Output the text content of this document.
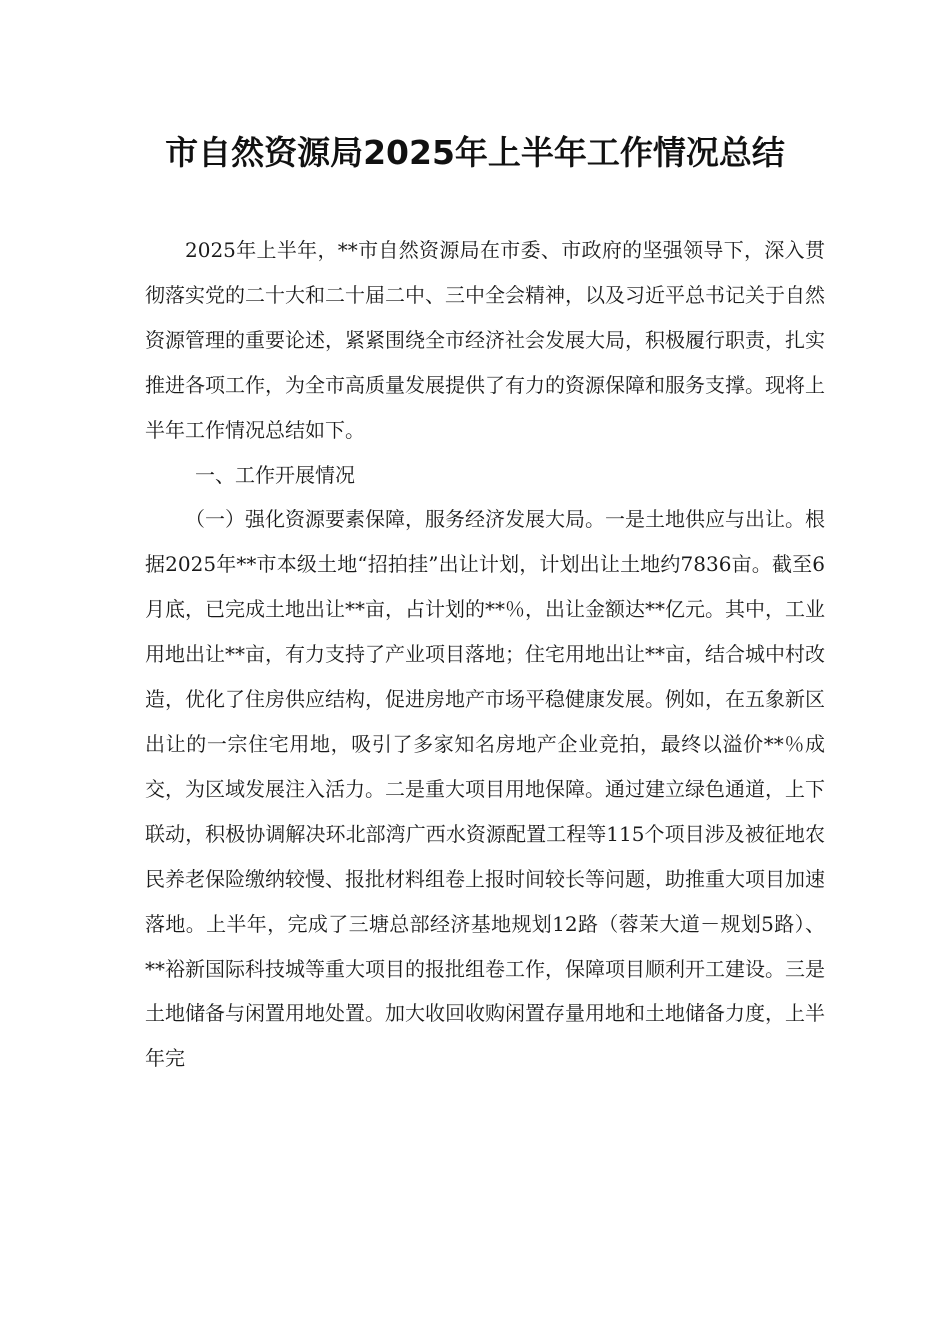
市自然资源局2025年上半年工作情况总结

2025年上半年，**市自然资源局在市委、市政府的坚强领导下，深入贯彻落实党的二十大和二十届二中、三中全会精神，以及习近平总书记关于自然资源管理的重要论述，紧紧围绕全市经济社会发展大局，积极履行职责，扎实推进各项工作，为全市高质量发展提供了有力的资源保障和服务支撑。现将上半年工作情况总结如下。

一、工作开展情况

（一）强化资源要素保障，服务经济发展大局。一是土地供应与出让。根据2025年**市本级土地“招拍挂”出让计划，计划出让土地约7836亩。截至6月底，已完成土地出让**亩，占计划的**％，出让金额达**亿元。其中，工业用地出让**亩，有力支持了产业项目落地；住宅用地出让**亩，结合城中村改造，优化了住房供应结构，促进房地产市场平稳健康发展。例如，在五象新区出让的一宗住宅用地，吸引了多家知名房地产企业竞拍，最终以溢价**％成交，为区域发展注入活力。二是重大项目用地保障。通过建立绿色通道，上下联动，积极协调解决环北部湾广西水资源配置工程等115个项目涉及被征地农民养老保险缴纳较慢、报批材料组卷上报时间较长等问题，助推重大项目加速落地。上半年，完成了三塘总部经济基地规划12路（蓉茉大道－规划5路）、**裕新国际科技城等重大项目的报批组卷工作，保障项目顺利开工建设。三是土地储备与闲置用地处置。加大收回收购闲置存量用地和土地储备力度，上半年完
